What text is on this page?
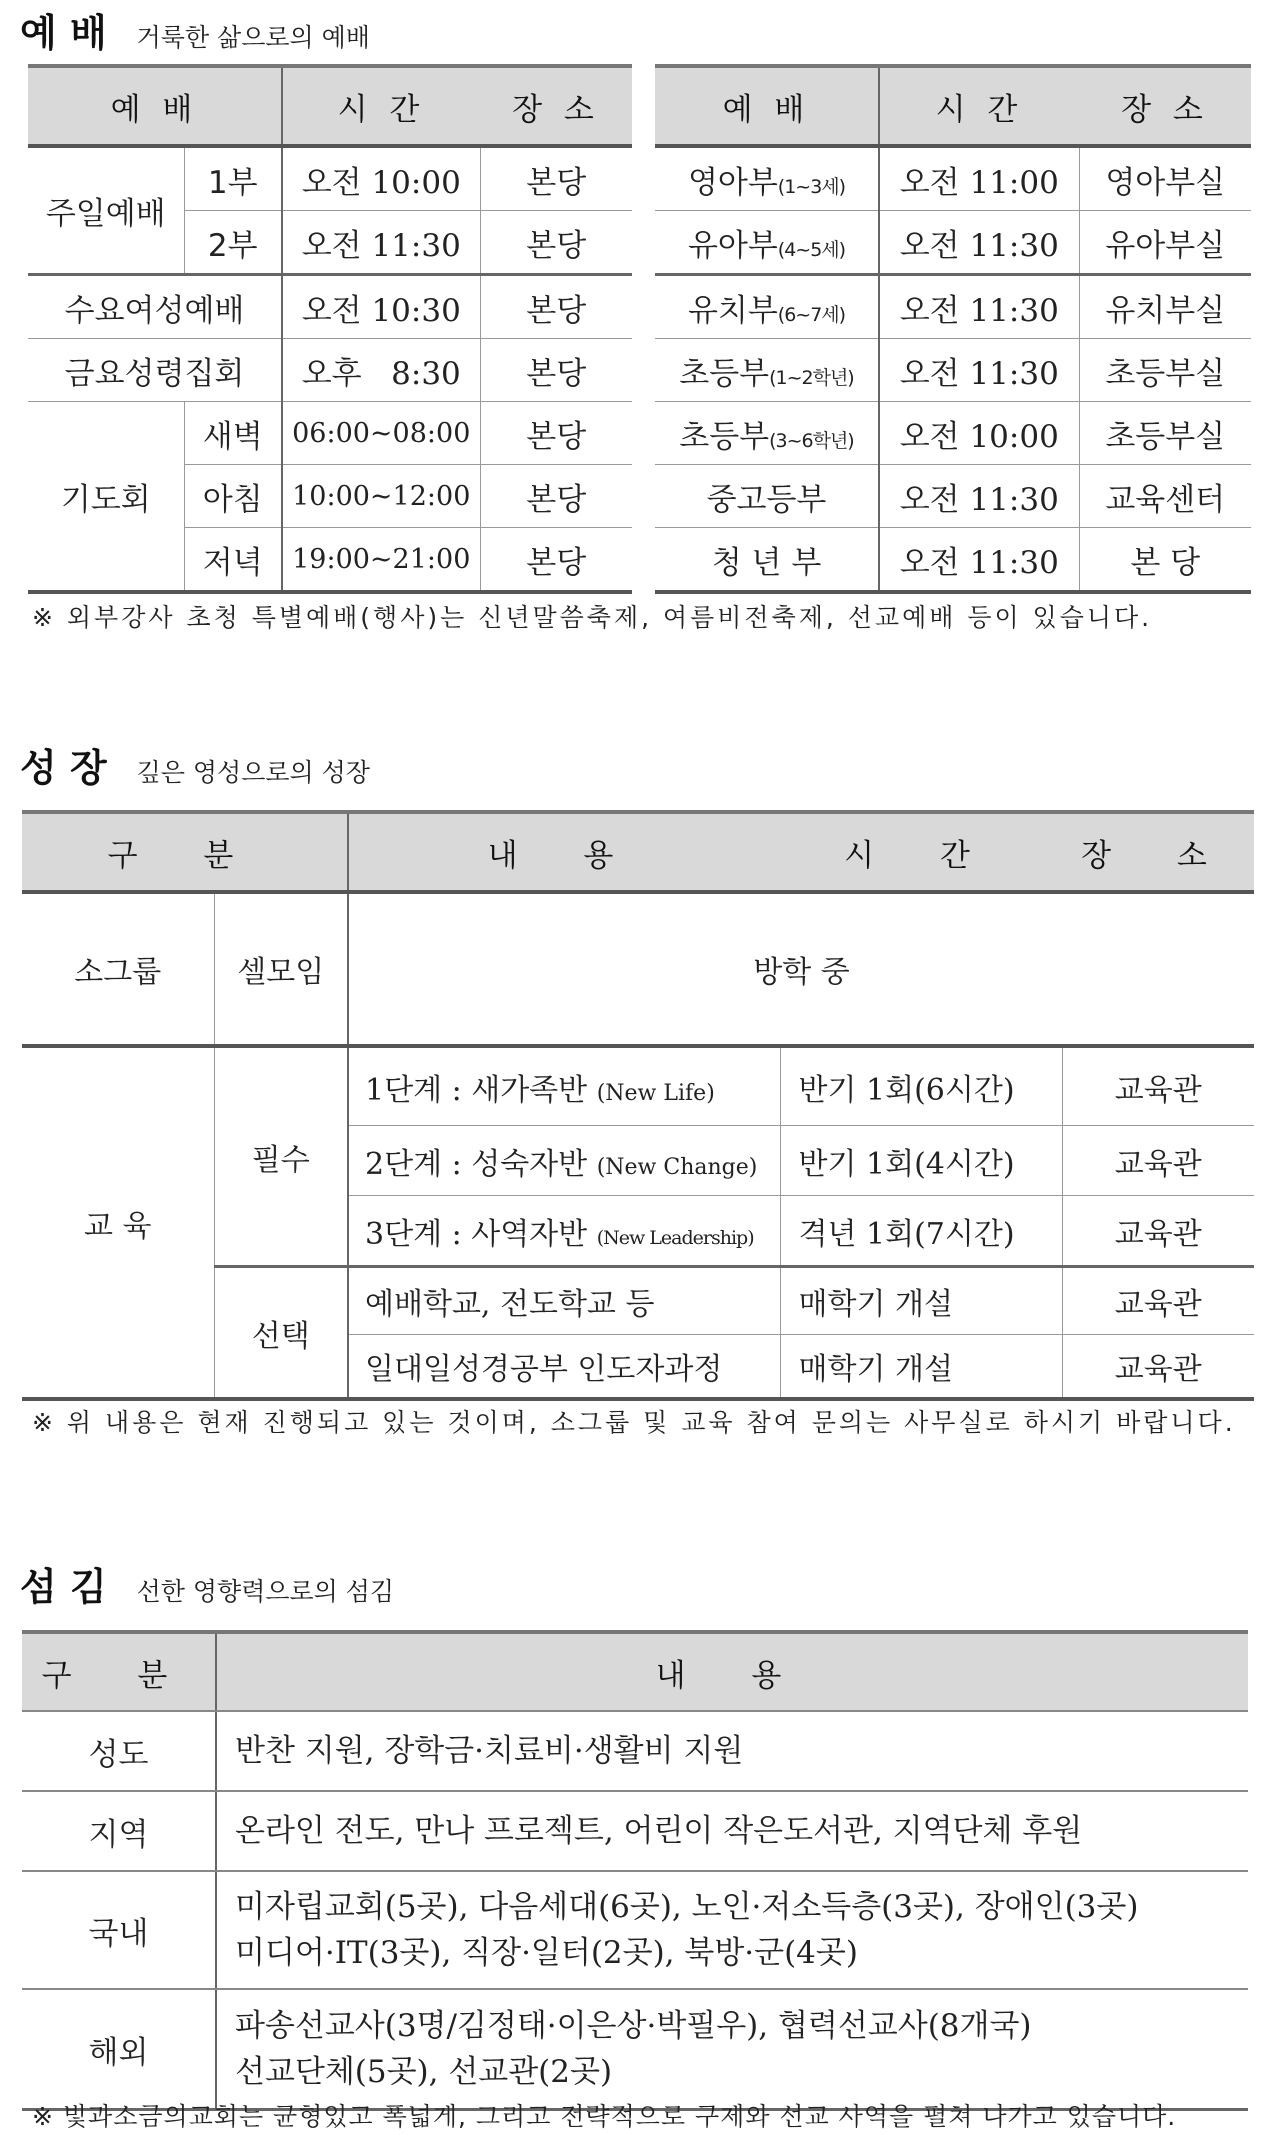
예 배 거룩한 삶으로의 예배
예 배		시 간	장 소
주일예배	1부	오전 10:00	본당
	2부	오전 11:30	본당
수요여성예배		오전 10:30	본당
금요성령집회		오후   8:30	본당
기도회	새벽	06:00~08:00	본당
	아침	10:00~12:00	본당
	저녁	19:00~21:00	본당
예 배	시 간	장 소
영아부(1~3세)	오전 11:00	영아부실
유아부(4~5세)	오전 11:30	유아부실
유치부(6~7세)	오전 11:30	유치부실
초등부(1~2학년)	오전 11:30	초등부실
초등부(3~6학년)	오전 10:00	초등부실
중고등부	오전 11:30	교육센터
청 년 부	오전 11:30	본 당
※ 외부강사 초청 특별예배(행사)는 신년말씀축제, 여름비전축제, 선교예배 등이 있습니다.
성 장 깊은 영성으로의 성장
구 분		내 용	시 간	장 소
소그룹	셀모임	방학 중		
교 육	필수	1단계 : 새가족반 (New Life)	반기 1회(6시간)	교육관
		2단계 : 성숙자반 (New Change)	반기 1회(4시간)	교육관
		3단계 : 사역자반 (New Leadership)	격년 1회(7시간)	교육관
	선택	예배학교, 전도학교 등	매학기 개설	교육관
		일대일성경공부 인도자과정	매학기 개설	교육관
※ 위 내용은 현재 진행되고 있는 것이며, 소그룹 및 교육 참여 문의는 사무실로 하시기 바랍니다.
섬 김 선한 영향력으로의 섬김
구 분	내 용
성도	반찬 지원, 장학금·치료비·생활비 지원

지역	온라인 전도, 만나 프로젝트, 어린이 작은도서관, 지역단체 후원

국내	미자립교회(5곳), 다음세대(6곳), 노인·저소득층(3곳), 장애인(3곳)
미디어·IT(3곳), 직장·일터(2곳), 북방·군(4곳)

해외	파송선교사(3명/김정태·이은상·박필우), 협력선교사(8개국)
선교단체(5곳), 선교관(2곳)
※ 빛과소금의교회는 균형있고 폭넓게, 그리고 전략적으로 구제와 선교 사역을 펼쳐 나가고 있습니다.
